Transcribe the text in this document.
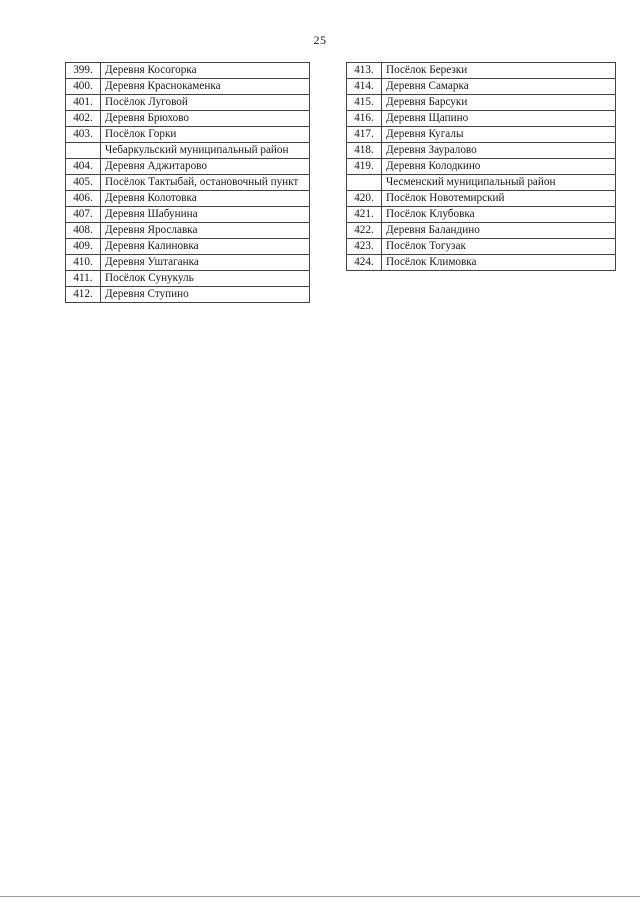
25
399.	Деревня Косогорка
400.	Деревня Краснокаменка
401.	Посёлок Луговой
402.	Деревня Брюхово
403.	Посёлок Горки
	Чебаркульский муниципальный район
404.	Деревня Аджитарово
405.	Посёлок Тактыбай, остановочный пункт
406.	Деревня Колотовка
407.	Деревня Шабунина
408.	Деревня Ярославка
409.	Деревня Калиновка
410.	Деревня Уштаганка
411.	Посёлок Сунукуль
412.	Деревня Ступино
413.	Посёлок Березки
414.	Деревня Самарка
415.	Деревня Барсуки
416.	Деревня Щапино
417.	Деревня Кугалы
418.	Деревня Зауралово
419.	Деревня Колодкино
	Чесменский муниципальный район
420.	Посёлок Новотемирский
421.	Посёлок Клубовка
422.	Деревня Баландино
423.	Посёлок Тогузак
424.	Посёлок Климовка
